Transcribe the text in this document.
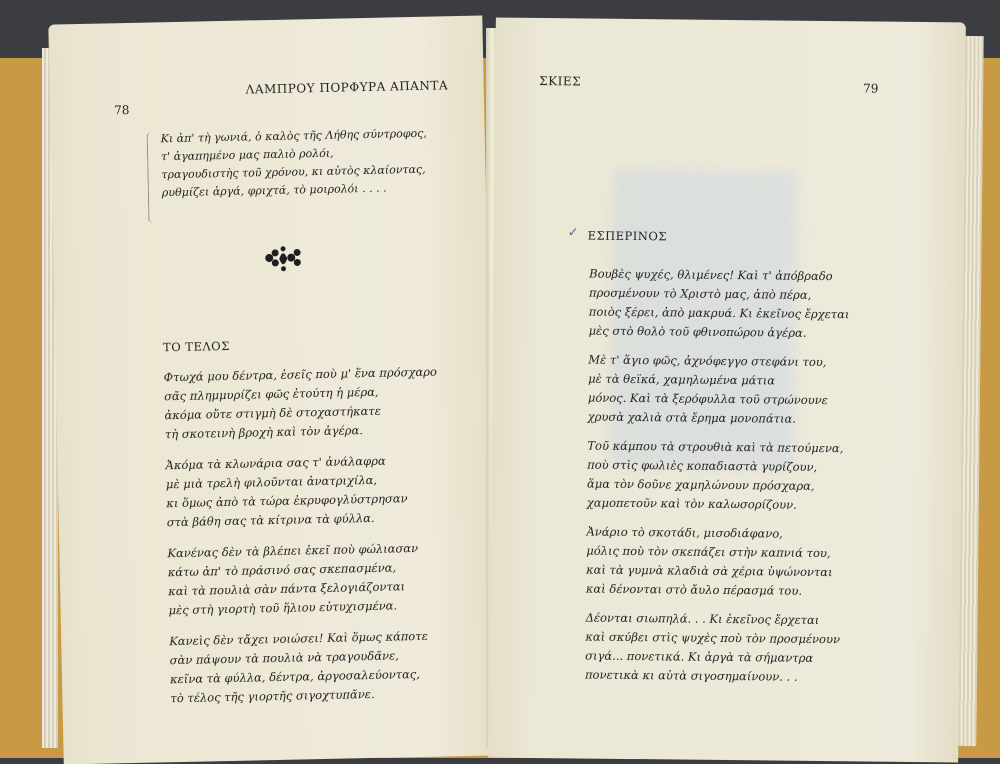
78
ΛΑΜΠΡΟΥ ΠΟΡΦΥΡΑ ΑΠΑΝΤΑ
Κι ἀπ' τὴ γωνιά, ὁ καλὸς τῆς Λήθης σύντροφος,
τ' ἀγαπημένο μας παλιὸ ρολόι,
τραγουδιστὴς τοῦ χρόνου, κι αὐτὸς κλαίοντας,
ρυθμίζει ἀργά, φριχτά, τὸ μοιρολόι . . . .
ΤΟ ΤΕΛΟΣ
Φτωχά μου δέντρα, ἐσεῖς ποὺ μ' ἕνα πρόσχαρο
σᾶς πλημμυρίζει φῶς ἐτούτη ἡ μέρα,
ἀκόμα οὔτε στιγμὴ δὲ στοχαστήκατε
τὴ σκοτεινὴ βροχὴ καὶ τὸν ἀγέρα.
Ἀκόμα τὰ κλωνάρια σας τ' ἀνάλαφρα
μὲ μιὰ τρελὴ φιλοῦνται ἀνατριχίλα,
κι ὅμως ἀπὸ τὰ τώρα ἐκρυφογλύστρησαν
στὰ βάθη σας τὰ κίτρινα τὰ φύλλα.
Κανένας δὲν τὰ βλέπει ἐκεῖ ποὺ φώλιασαν
κάτω ἀπ' τὸ πράσινό σας σκεπασμένα,
καὶ τὰ πουλιὰ σὰν πάντα ξελογιάζονται
μὲς στὴ γιορτὴ τοῦ ἥλιου εὐτυχισμένα.
Κανεὶς δὲν τἄχει νοιώσει! Καὶ ὅμως κάποτε
σὰν πάψουν τὰ πουλιὰ νὰ τραγουδᾶνε,
κεῖνα τὰ φύλλα, δέντρα, ἀργοσαλεύοντας,
τὸ τέλος τῆς γιορτῆς σιγοχτυπᾶνε.
ΣΚΙΕΣ
79
✓ ΕΣΠΕΡΙΝΟΣ
Βουβὲς ψυχές, θλιμένες! Καὶ τ' ἀπόβραδο
προσμένουν τὸ Χριστὸ μας, ἀπὸ πέρα,
ποιὸς ξέρει, ἀπὸ μακρυά. Κι ἐκεῖνος ἔρχεται
μὲς στὸ θολὸ τοῦ φθινοπώρου ἀγέρα.
Μὲ τ' ἅγιο φῶς, ἀχνόφεγγο στεφάνι του,
μὲ τὰ θεϊκά, χαμηλωμένα μάτια
μόνος. Καὶ τὰ ξερόφυλλα τοῦ στρώνουνε
χρυσὰ χαλιὰ στὰ ἔρημα μονοπάτια.
Τοῦ κάμπου τὰ στρουθιὰ καὶ τὰ πετούμενα,
ποὺ στὶς φωλιὲς κοπαδιαστὰ γυρίζουν,
ἅμα τὸν δοῦνε χαμηλώνουν πρόσχαρα,
χαμοπετοῦν καὶ τὸν καλωσορίζουν.
Ἀνάριο τὸ σκοτάδι, μισοδιάφανο,
μόλις ποὺ τὸν σκεπάζει στὴν καπνιά του,
καὶ τὰ γυμνὰ κλαδιὰ σὰ χέρια ὑψώνονται
καὶ δένονται στὸ ἄυλο πέρασμά του.
Δέονται σιωπηλά. . . Κι ἐκεῖνος ἔρχεται
καὶ σκύβει στὶς ψυχὲς ποὺ τὸν προσμένουν
σιγά... πονετικά. Κι ἀργὰ τὰ σήμαντρα
πονετικὰ κι αὐτὰ σιγοσημαίνουν. . .
